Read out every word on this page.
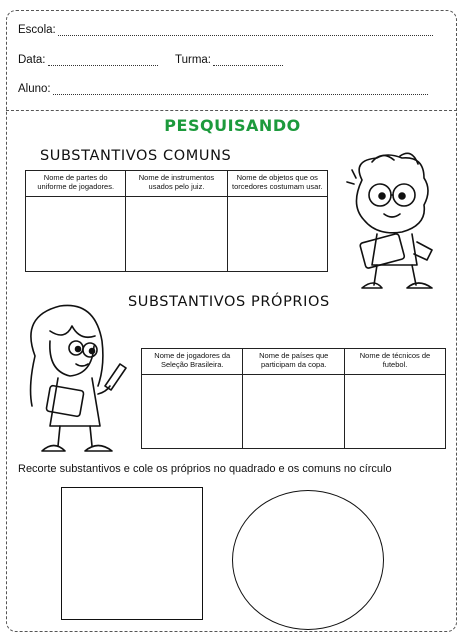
Escola:
Data:	Turma:
Aluno:
PESQUISANDO
SUBSTANTIVOS COMUNS
Nome de partes do uniforme de jogadores.	Nome de instrumentos usados pelo juiz.	Nome de objetos que os torcedores costumam usar.

SUBSTANTIVOS PRÓPRIOS
Nome de jogadores da Seleção Brasileira.	Nome de países que participam da copa.	Nome de técnicos de futebol.

Recorte substantivos e cole os próprios no quadrado e os comuns no círculo
